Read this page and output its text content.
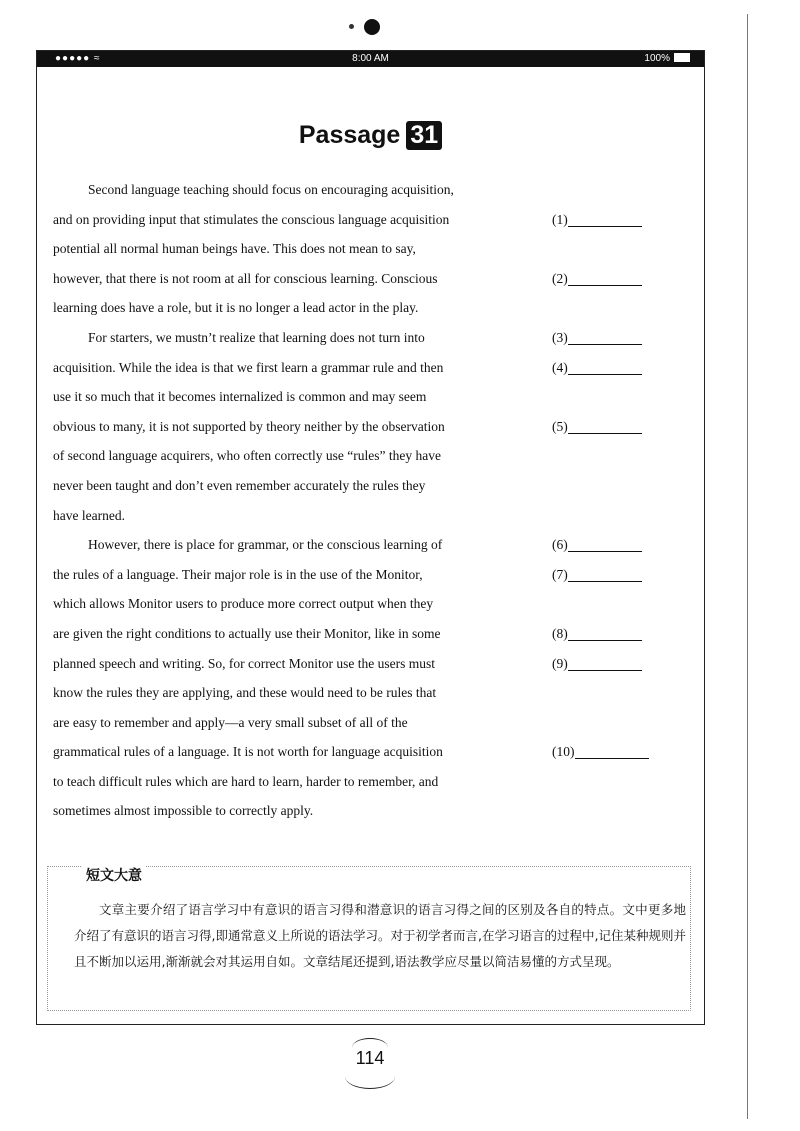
●●●●● ≈	8:00 AM	100%
Passage 31
Second language teaching should focus on encouraging acquisition,
and on providing input that stimulates the conscious language acquisition
potential all normal human beings have. This does not mean to say,
however, that there is not room at all for conscious learning. Conscious
learning does have a role, but it is no longer a lead actor in the play.
For starters, we mustn’t realize that learning does not turn into
acquisition. While the idea is that we first learn a grammar rule and then
use it so much that it becomes internalized is common and may seem
obvious to many, it is not supported by theory neither by the observation
of second language acquirers, who often correctly use “rules” they have
never been taught and don’t even remember accurately the rules they
have learned.
However, there is place for grammar, or the conscious learning of
the rules of a language. Their major role is in the use of the Monitor,
which allows Monitor users to produce more correct output when they
are given the right conditions to actually use their Monitor, like in some
planned speech and writing. So, for correct Monitor use the users must
know the rules they are applying, and these would need to be rules that
are easy to remember and apply—a very small subset of all of the
grammatical rules of a language. It is not worth for language acquisition
to teach difficult rules which are hard to learn, harder to remember, and
sometimes almost impossible to correctly apply.
(1)
(2)
(3)
(4)
(5)
(6)
(7)
(8)
(9)
(10)
短文大意
文章主要介绍了语言学习中有意识的语言习得和潜意识的语言习得之间的区别及各自的特点。文中更多地介绍了有意识的语言习得,即通常意义上所说的语法学习。对于初学者而言,在学习语言的过程中,记住某种规则并且不断加以运用,渐渐就会对其运用自如。文章结尾还提到,语法教学应尽量以简洁易懂的方式呈现。
114
